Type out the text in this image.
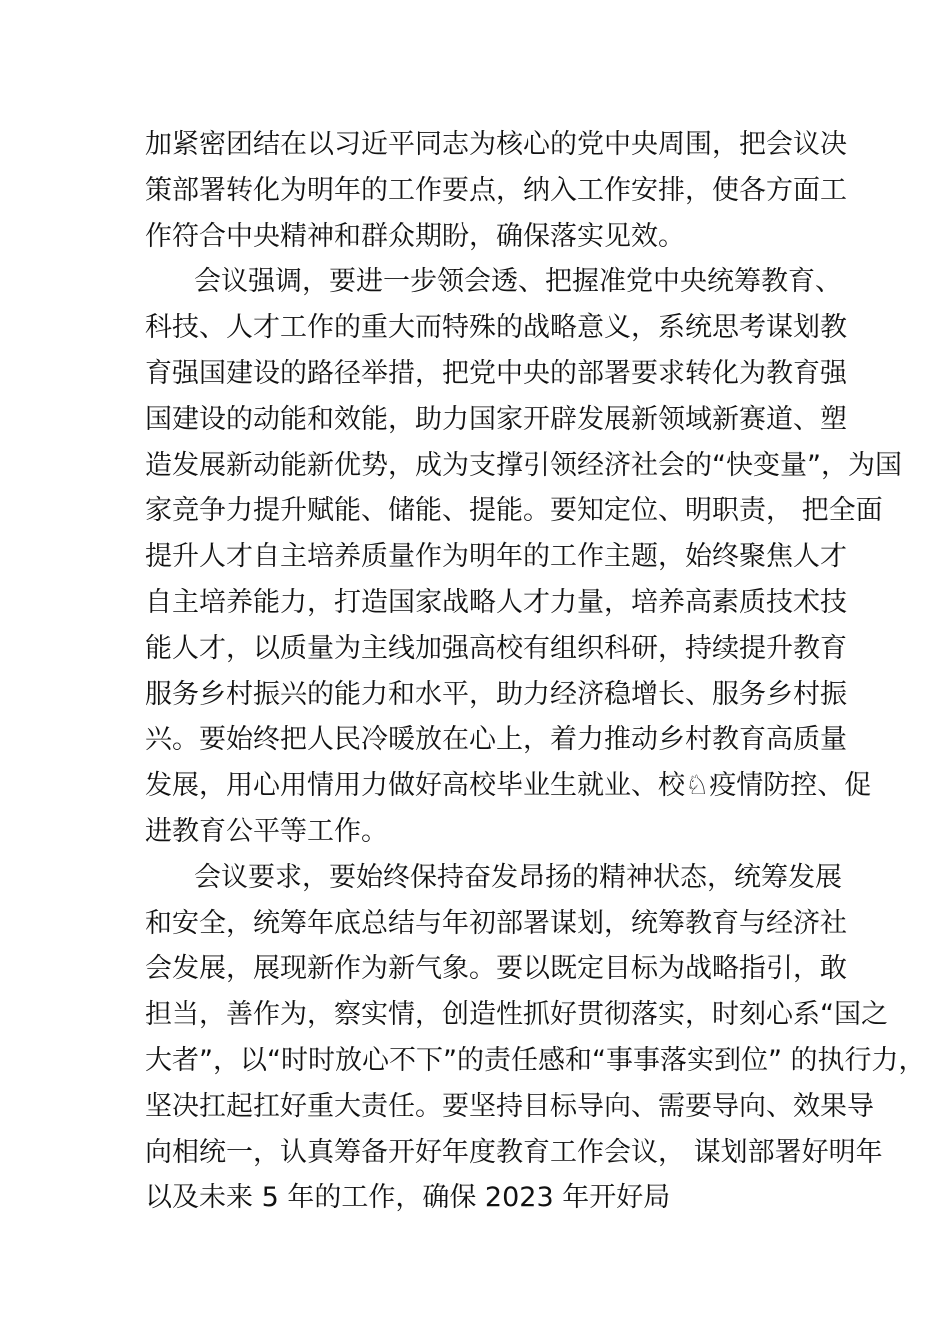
加紧密团结在以习近平同志为核心的党中央周围，把会议决
策部署转化为明年的工作要点，纳入工作安排，使各方面工
作符合中央精神和群众期盼，确保落实见效。
会议强调，要进一步领会透、把握准党中央统筹教育、
科技、人才工作的重大而特殊的战略意义，系统思考谋划教
育强国建设的路径举措，把党中央的部署要求转化为教育强
国建设的动能和效能，助力国家开辟发展新领域新赛道、塑
造发展新动能新优势，成为支撑引领经济社会的“快变量”，为国
家竞争力提升赋能、储能、提能。要知定位、明职责， 把全面
提升人才自主培养质量作为明年的工作主题，始终聚焦人才
自主培养能力，打造国家战略人才力量，培养高素质技术技
能人才，以质量为主线加强高校有组织科研，持续提升教育
服务乡村振兴的能力和水平，助力经济稳增长、服务乡村振
兴。要始终把人民冷暖放在心上，着力推动乡村教育高质量
发展，用心用情用力做好高校毕业生就业、校♘疫情防控、促
进教育公平等工作。
会议要求，要始终保持奋发昂扬的精神状态，统筹发展
和安全，统筹年底总结与年初部署谋划，统筹教育与经济社
会发展，展现新作为新气象。要以既定目标为战略指引，敢
担当，善作为，察实情，创造性抓好贯彻落实，时刻心系“国之
大者”，以“时时放心不下”的责任感和“事事落实到位” 的执行力，
坚决扛起扛好重大责任。要坚持目标导向、需要导向、效果导
向相统一，认真筹备开好年度教育工作会议， 谋划部署好明年
以及未来 5 年的工作，确保 2023 年开好局
